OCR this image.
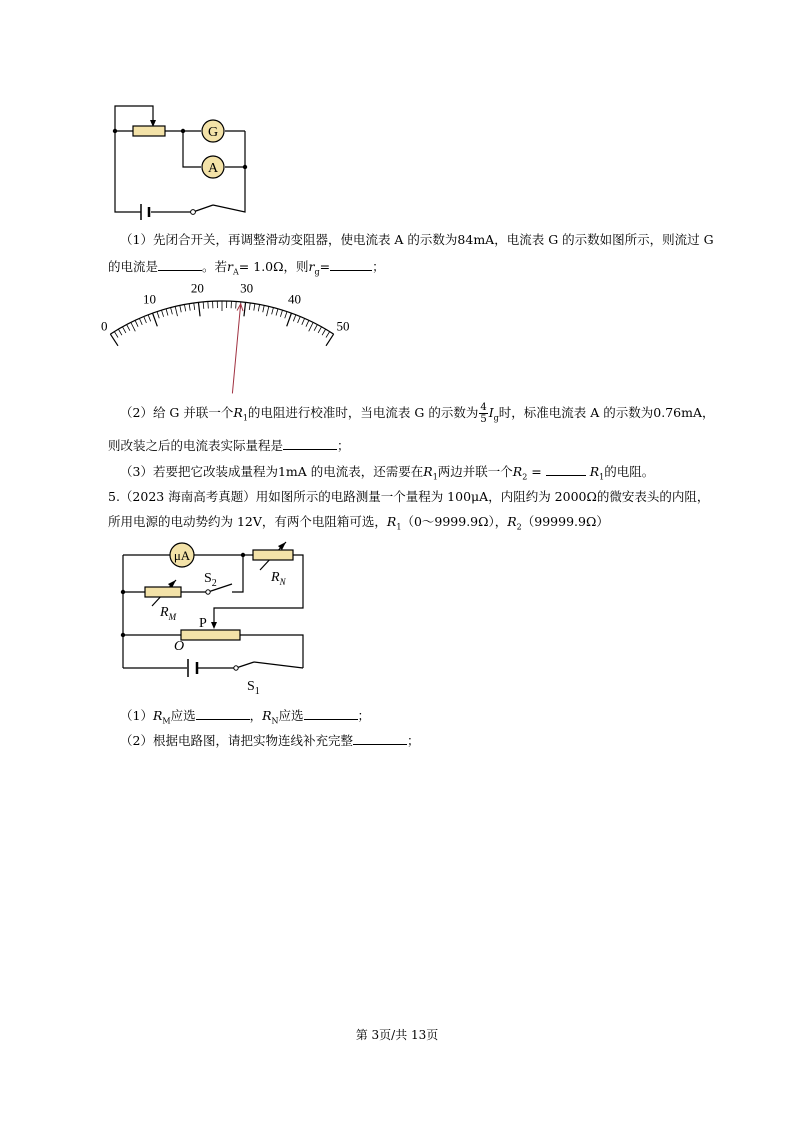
G
A
（1）先闭合开关，再调整滑动变阻器，使电流表 A 的示数为84mA，电流表 G 的示数如图所示，则流过 G
的电流是	。若$r_A= 1.0\Omega$，则$r_g=$	；
0
10
20	30
40
50
（2）给 G 并联一个$R_1$的电阻进行校准时，当电流表 G 的示数为 $\frac{4}{5} I_g$时，标准电流表 A 的示数为0.76mA，
则改装之后的电流表实际量程是	；
（3）若要把它改装成量程为1mA 的电流表，还需要在$R_1$两边并联一个$R_2$ =	$R_1$的电阻。
5.（2023 海南高考真题）用如图所示的电路测量一个量程为 100μA，内阻约为 2000Ω的微安表头的内阻，
所用电源的电动势约为 12V，有两个电阻箱可选，$R_1(0\sim 9999.9\Omega)$，$R_2(99999.9\Omega)$
μA
$S_2$	$R_N$
$R_M$ P
O
$S_1$
$(1)R_M$应选	，$R_N$应选	；
（2）根据电路图，请把实物连线补充完整	；
第 3页/共 13页
